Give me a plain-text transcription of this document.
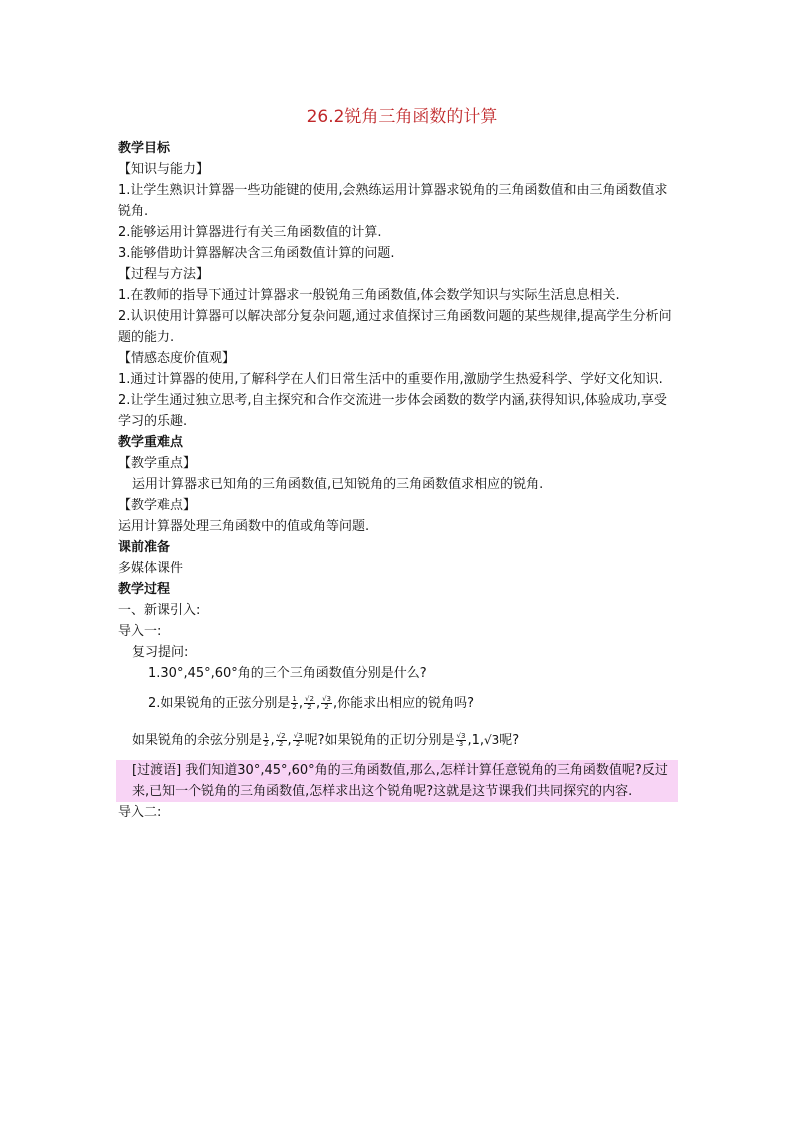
26.2锐角三角函数的计算
教学目标
【知识与能力】
1.让学生熟识计算器一些功能键的使用,会熟练运用计算器求锐角的三角函数值和由三角函数值求锐角.
2.能够运用计算器进行有关三角函数值的计算.
3.能够借助计算器解决含三角函数值计算的问题.
【过程与方法】
1.在教师的指导下通过计算器求一般锐角三角函数值,体会数学知识与实际生活息息相关.
2.认识使用计算器可以解决部分复杂问题,通过求值探讨三角函数问题的某些规律,提高学生分析问题的能力.
【情感态度价值观】
1.通过计算器的使用,了解科学在人们日常生活中的重要作用,激励学生热爱科学、学好文化知识.
2.让学生通过独立思考,自主探究和合作交流进一步体会函数的数学内涵,获得知识,体验成功,享受学习的乐趣.
教学重难点
【教学重点】
运用计算器求已知角的三角函数值,已知锐角的三角函数值求相应的锐角.
【教学难点】
运用计算器处理三角函数中的值或角等问题.
课前准备
多媒体课件
教学过程
一、新课引入:
导入一:
复习提问:
1.30°,45°,60°角的三个三角函数值分别是什么?
2.如果锐角的正弦分别是 $\frac{1}{2}$ , $\frac{√2}{2}$ , $\frac{√3}{2}$ ,你能求出相应的锐角吗?
如果锐角的余弦分别是 $\frac{1}{2}$ , $\frac{√2}{2}$ , $\frac{√3}{2}$ 呢?如果锐角的正切分别是 $\frac{√3}{3} ,1,√3$呢?
[过渡语] 我们知道30°,45°,60°角的三角函数值,那么,怎样计算任意锐角的三角函数值呢?反过来,已知一个锐角的三角函数值,怎样求出这个锐角呢?这就是这节课我们共同探究的内容.
导入二:
